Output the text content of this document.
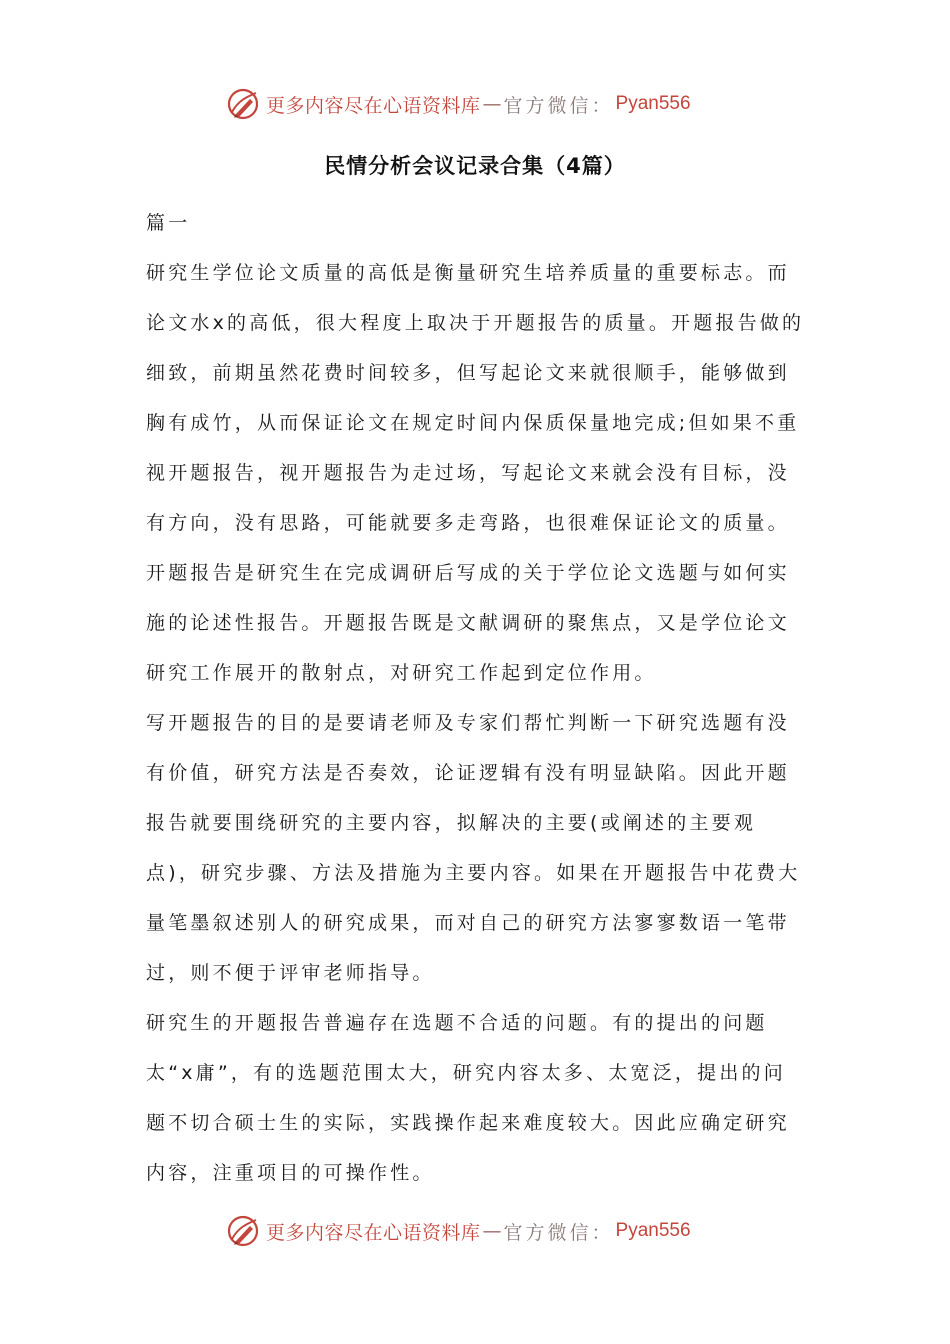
更多内容尽在心语资料库 — 官方微信： Pyan556
民情分析会议记录合集（4篇）

篇一

研究生学位论文质量的高低是衡量研究生培养质量的重要标志。而论文水x的高低，很大程度上取决于开题报告的质量。开题报告做的细致，前期虽然花费时间较多，但写起论文来就很顺手，能够做到胸有成竹，从而保证论文在规定时间内保质保量地完成;但如果不重视开题报告，视开题报告为走过场，写起论文来就会没有目标，没有方向，没有思路，可能就要多走弯路，也很难保证论文的质量。开题报告是研究生在完成调研后写成的关于学位论文选题与如何实施的论述性报告。开题报告既是文献调研的聚焦点，又是学位论文研究工作展开的散射点，对研究工作起到定位作用。

写开题报告的目的是要请老师及专家们帮忙判断一下研究选题有没有价值，研究方法是否奏效，论证逻辑有没有明显缺陷。因此开题报告就要围绕研究的主要内容，拟解决的主要(或阐述的主要观点)，研究步骤、方法及措施为主要内容。如果在开题报告中花费大量笔墨叙述别人的研究成果，而对自己的研究方法寥寥数语一笔带过，则不便于评审老师指导。

研究生的开题报告普遍存在选题不合适的问题。有的提出的问题太“x庸”，有的选题范围太大，研究内容太多、太宽泛，提出的问题不切合硕士生的实际，实践操作起来难度较大。因此应确定研究内容，注重项目的可操作性。

更多内容尽在心语资料库 — 官方微信： Pyan556
